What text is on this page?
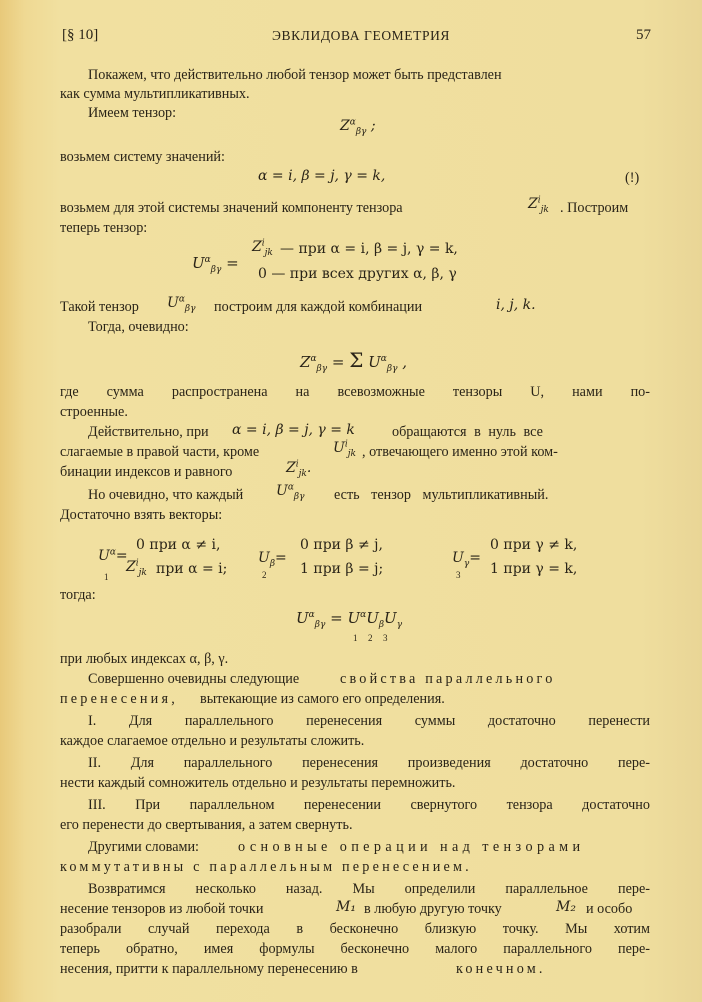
[§ 10]	ЭВКЛИДОВА ГЕОМЕТРИЯ	57
Покажем, что действительно любой тензор может быть представлен
как сумма мультипликативных.
Имеем тензор:
$Z^\alpha_{\beta\gamma}$ ;
возьмем систему значений:
α = i, β = j, γ = k,	(!)
возьмем для этой системы значений компоненту тензора	$Z^i_{jk}$ . Построим
теперь тензор:
$U^\alpha_{\beta\gamma}$ =
$Z^i_{jk}$ — при α = i, β = j, γ = k,
0 — при всех других α, β, γ
Такой тензор $U^\alpha_{\beta\gamma}$ построим для каждой комбинации	i, j, k.
Тогда, очевидно:
$Z^\alpha_{\beta\gamma} = \Sigma$ $U^\alpha_{\beta\gamma}$ ,
где сумма распространена на всевозможные тензоры U, нами по-
строенные.
Действительно, при α = i, β = j, γ = k	обращаются в нуль все
слагаемые в правой части, кроме	$U^i_{jk}$ , отвечающего именно этой ком-
бинации индексов и равного	$Z^i_{jk}$.
Но очевидно, что каждый $U^\alpha_{\beta\gamma}$ есть тензор мультипликативный.
Достаточно взять векторы:
$U^\alpha=$
1
0 при α ≠ i,
$Z^i_{jk}$ при α = i;
$U_\beta=$
2
0 при β ≠ j,
1 при β = j;
$U_\gamma=$
3
0 при γ ≠ k,
1 при γ = k,
тогда:
$U^\alpha_{\beta\gamma} = U^\alpha U_\beta U_\gamma$
1 2 3
при любых индексах α, β, γ.
Совершенно очевидны следующие	свойства параллельного
перенесения, вытекающие из самого его определения.
I. Для параллельного перенесения суммы достаточно перенести
каждое слагаемое отдельно и результаты сложить.
II. Для параллельного перенесения произведения достаточно пере-
нести каждый сомножитель отдельно и результаты перемножить.
III. При параллельном перенесении свернутого тензора достаточно
его перенести до свертывания, а затем свернуть.
Другими словами:	основные операции над тензорами
коммутативны с параллельным перенесением.
Возвратимся несколько назад. Мы определили параллельное пере-
несение тензоров из любой точки	M₁ в любую другую точку	M₂ и особо
разобрали случай перехода в бесконечно близкую точку. Мы хотим
теперь обратно, имея формулы бесконечно малого параллельного пере-
несения, притти к параллельному перенесению в	конечном.
